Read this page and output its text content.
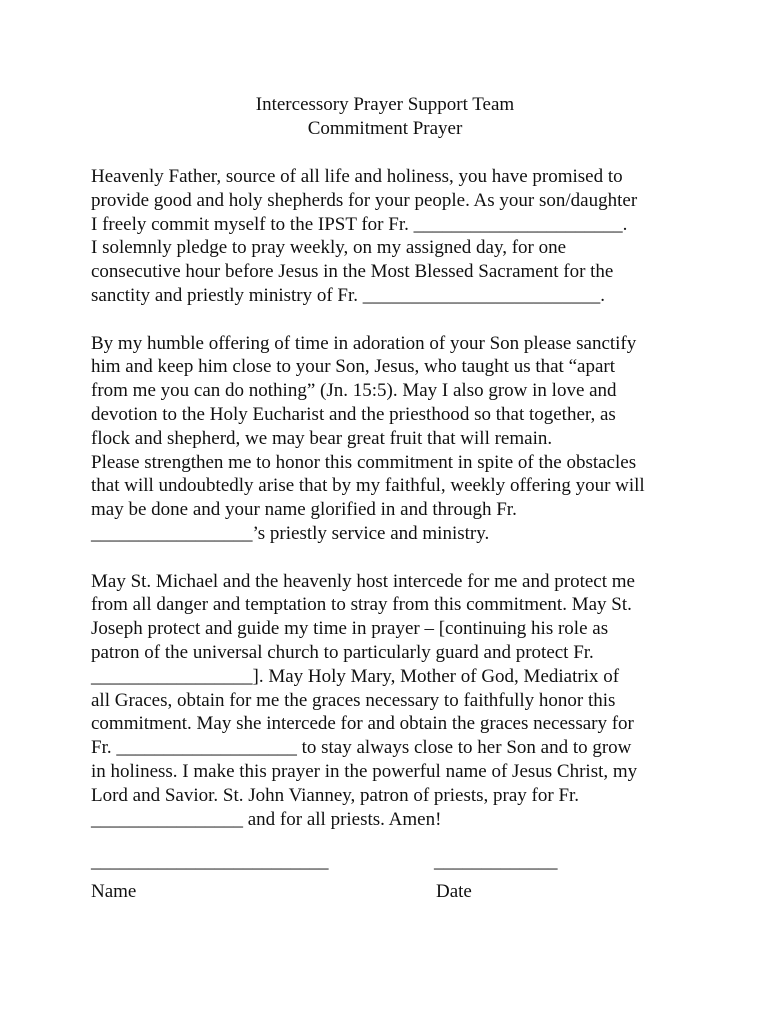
Intercessory Prayer Support Team
Commitment Prayer
Heavenly Father, source of all life and holiness, you have promised to
provide good and holy shepherds for your people. As your son/daughter
I freely commit myself to the IPST for Fr. ______________________.
I solemnly pledge to pray weekly, on my assigned day, for one
consecutive hour before Jesus in the Most Blessed Sacrament for the
sanctity and priestly ministry of Fr. _________________________.
By my humble offering of time in adoration of your Son please sanctify
him and keep him close to your Son, Jesus, who taught us that “apart
from me you can do nothing” (Jn. 15:5). May I also grow in love and
devotion to the Holy Eucharist and the priesthood so that together, as
flock and shepherd, we may bear great fruit that will remain.
Please strengthen me to honor this commitment in spite of the obstacles
that will undoubtedly arise that by my faithful, weekly offering your will
may be done and your name glorified in and through Fr.
_________________’s priestly service and ministry.
May St. Michael and the heavenly host intercede for me and protect me
from all danger and temptation to stray from this commitment. May St.
Joseph protect and guide my time in prayer – [continuing his role as
patron of the universal church to particularly guard and protect Fr.
_________________]. May Holy Mary, Mother of God, Mediatrix of
all Graces, obtain for me the graces necessary to faithfully honor this
commitment. May she intercede for and obtain the graces necessary for
Fr. ___________________ to stay always close to her Son and to grow
in holiness. I make this prayer in the powerful name of Jesus Christ, my
Lord and Savior. St. John Vianney, patron of priests, pray for Fr.
________________ and for all priests. Amen!
_________________________	_____________
Name	Date
